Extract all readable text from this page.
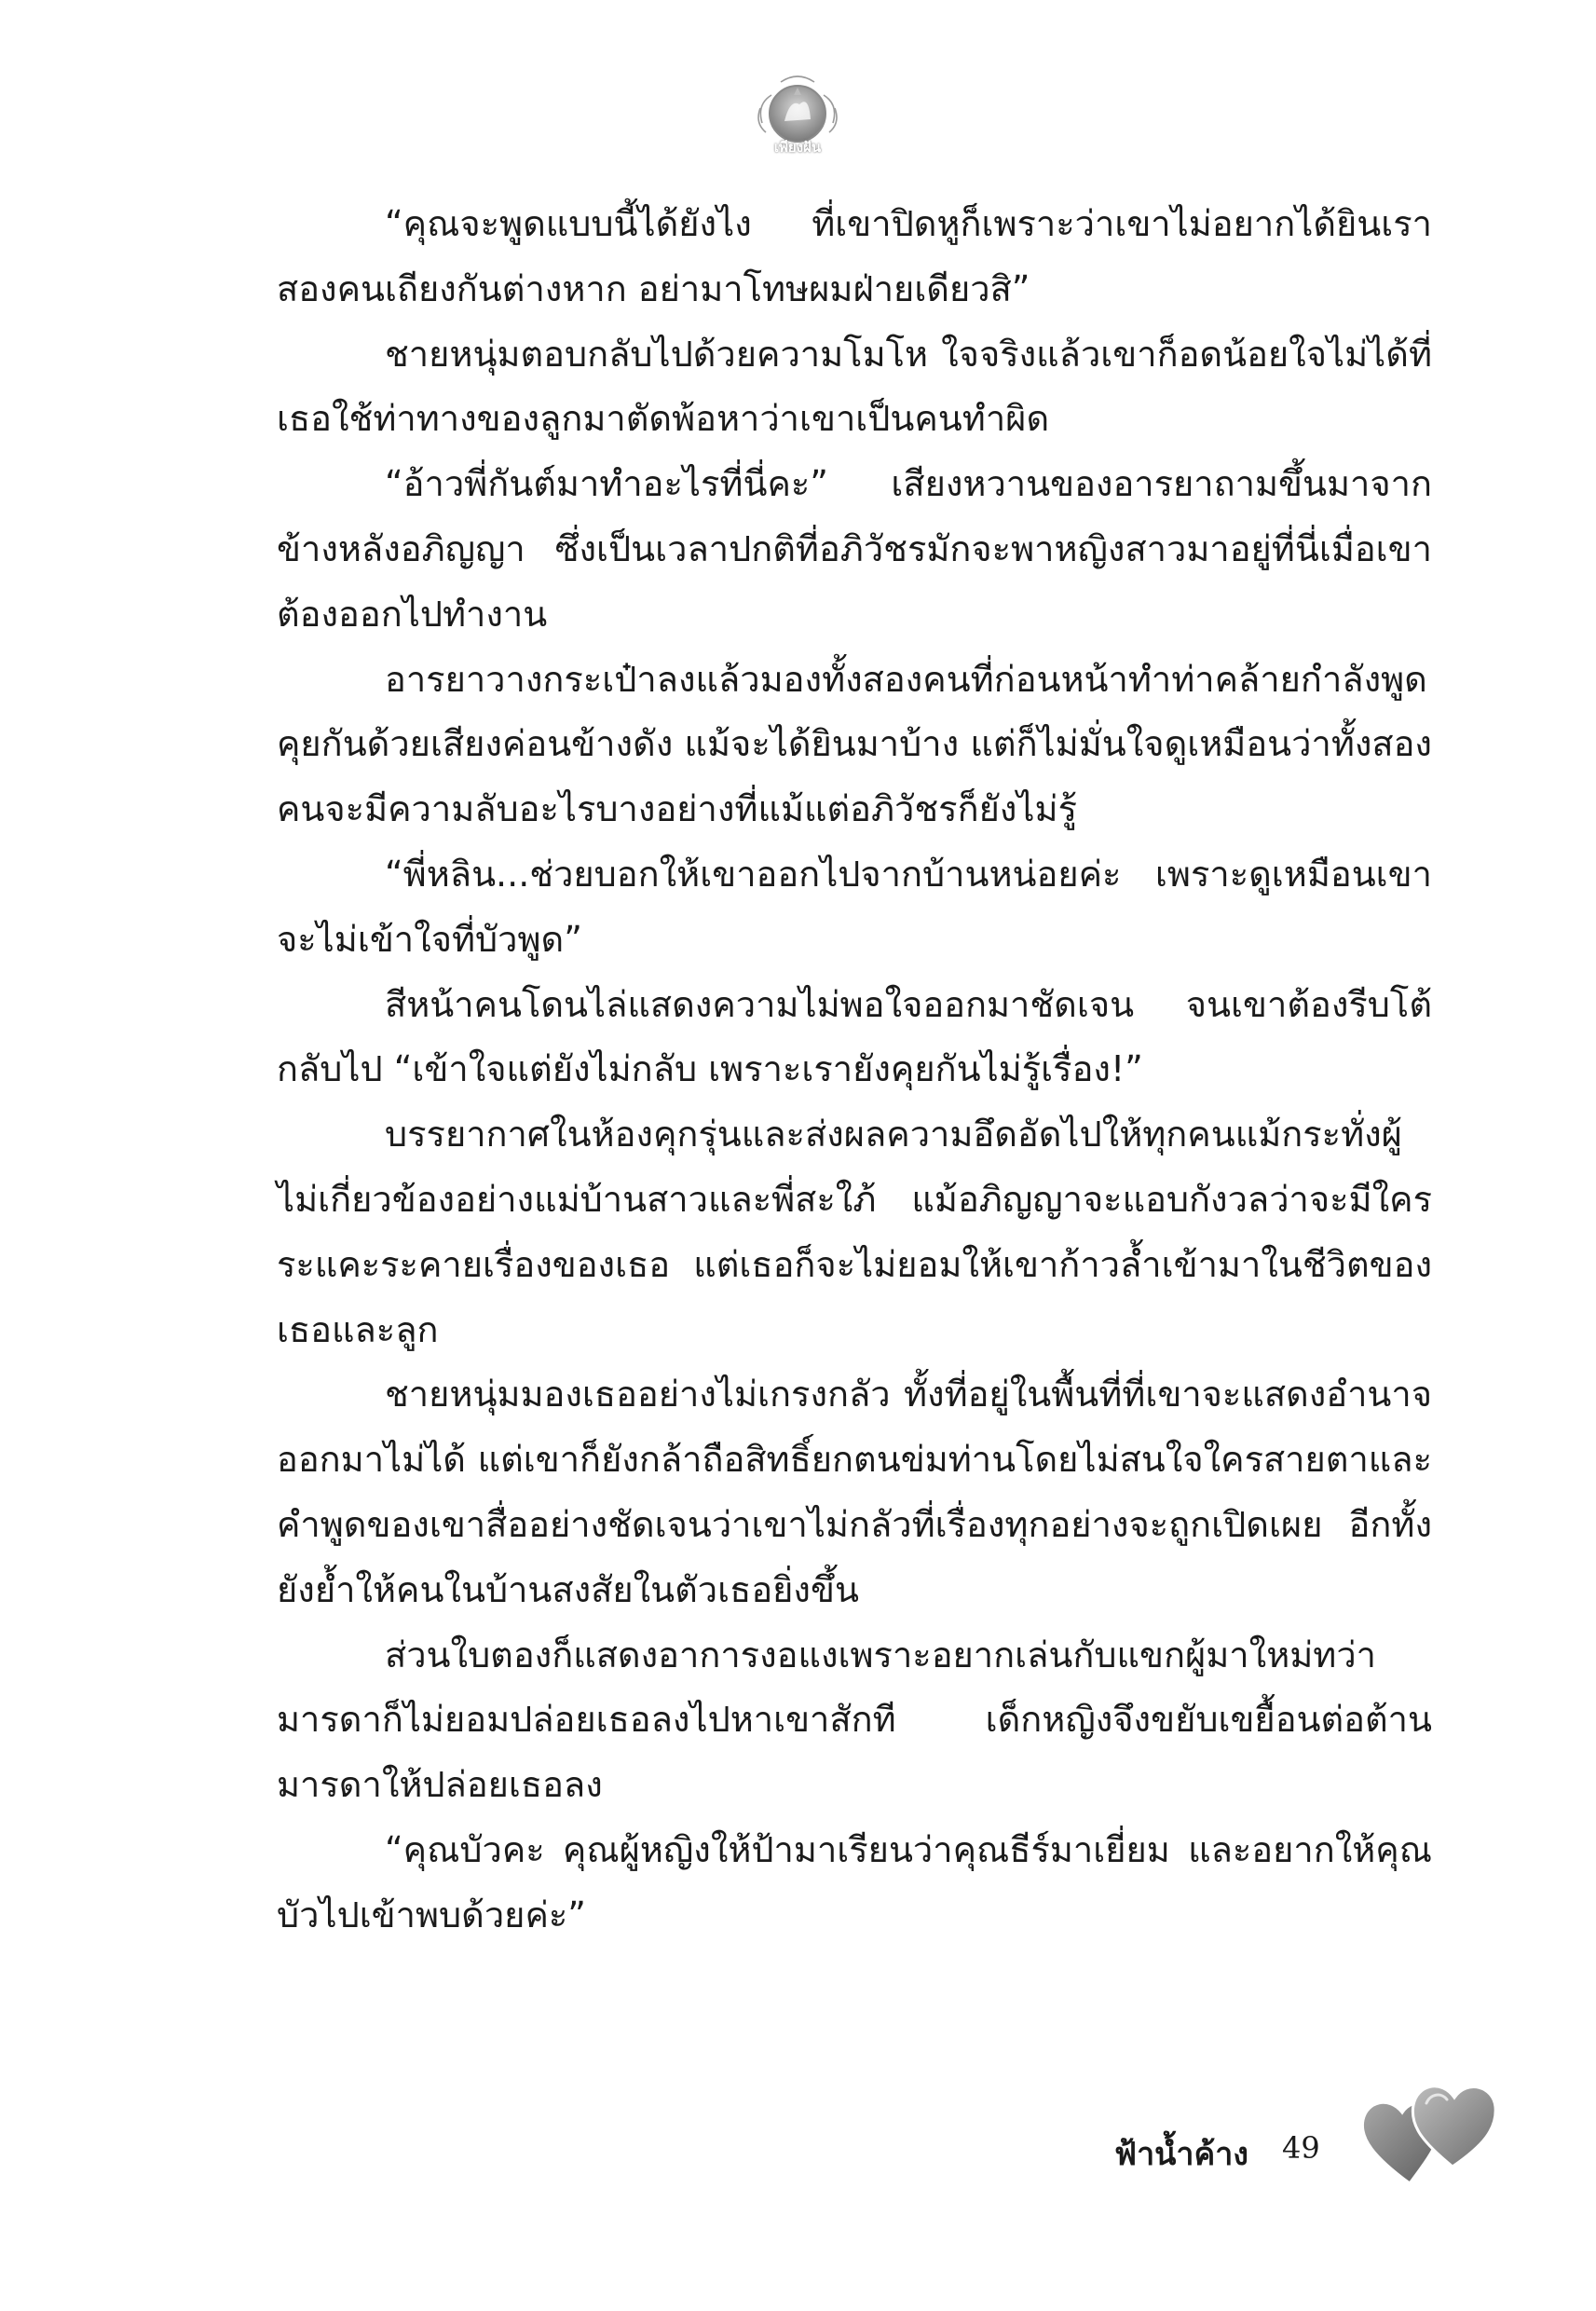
เพียงฝัน

“คุณจะพูดแบบนี้ได้ยังไง ที่เขาปิดหูก็เพราะว่าเขาไม่อยากได้ยินเราสองคนเถียงกันต่างหาก อย่ามาโทษผมฝ่ายเดียวสิ”

ชายหนุ่มตอบกลับไปด้วยความโมโห ใจจริงแล้วเขาก็อดน้อยใจไม่ได้ที่เธอใช้ท่าทางของลูกมาตัดพ้อหาว่าเขาเป็นคนทำผิด

“อ้าวพี่กันต์มาทำอะไรที่นี่คะ” เสียงหวานของอารยาถามขึ้นมาจากข้างหลังอภิญญา ซึ่งเป็นเวลาปกติที่อภิวัชรมักจะพาหญิงสาวมาอยู่ที่นี่เมื่อเขาต้องออกไปทำงาน

อารยาวางกระเป๋าลงแล้วมองทั้งสองคนที่ก่อนหน้าทำท่าคล้ายกำลังพูดคุยกันด้วยเสียงค่อนข้างดัง แม้จะได้ยินมาบ้าง แต่ก็ไม่มั่นใจดูเหมือนว่าทั้งสองคนจะมีความลับอะไรบางอย่างที่แม้แต่อภิวัชรก็ยังไม่รู้

“พี่หลิน...ช่วยบอกให้เขาออกไปจากบ้านหน่อยค่ะ เพราะดูเหมือนเขาจะไม่เข้าใจที่บัวพูด”

สีหน้าคนโดนไล่แสดงความไม่พอใจออกมาชัดเจน จนเขาต้องรีบโต้กลับไป “เข้าใจแต่ยังไม่กลับ เพราะเรายังคุยกันไม่รู้เรื่อง!”

บรรยากาศในห้องคุกรุ่นและส่งผลความอึดอัดไปให้ทุกคนแม้กระทั่งผู้ไม่เกี่ยวข้องอย่างแม่บ้านสาวและพี่สะใภ้ แม้อภิญญาจะแอบกังวลว่าจะมีใครระแคะระคายเรื่องของเธอ แต่เธอก็จะไม่ยอมให้เขาก้าวล้ำเข้ามาในชีวิตของเธอและลูก

ชายหนุ่มมองเธออย่างไม่เกรงกลัว ทั้งที่อยู่ในพื้นที่ที่เขาจะแสดงอำนาจออกมาไม่ได้ แต่เขาก็ยังกล้าถือสิทธิ์ยกตนข่มท่านโดยไม่สนใจใครสายตาและคำพูดของเขาสื่ออย่างชัดเจนว่าเขาไม่กลัวที่เรื่องทุกอย่างจะถูกเปิดเผย อีกทั้งยังย้ำให้คนในบ้านสงสัยในตัวเธอยิ่งขึ้น

ส่วนใบตองก็แสดงอาการงอแงเพราะอยากเล่นกับแขกผู้มาใหม่ทว่ามารดาก็ไม่ยอมปล่อยเธอลงไปหาเขาสักที เด็กหญิงจึงขยับเขยื้อนต่อต้านมารดาให้ปล่อยเธอลง

“คุณบัวคะ คุณผู้หญิงให้ป้ามาเรียนว่าคุณธีร์มาเยี่ยม และอยากให้คุณบัวไปเข้าพบด้วยค่ะ”

ฟ้าน้ำค้าง 49
